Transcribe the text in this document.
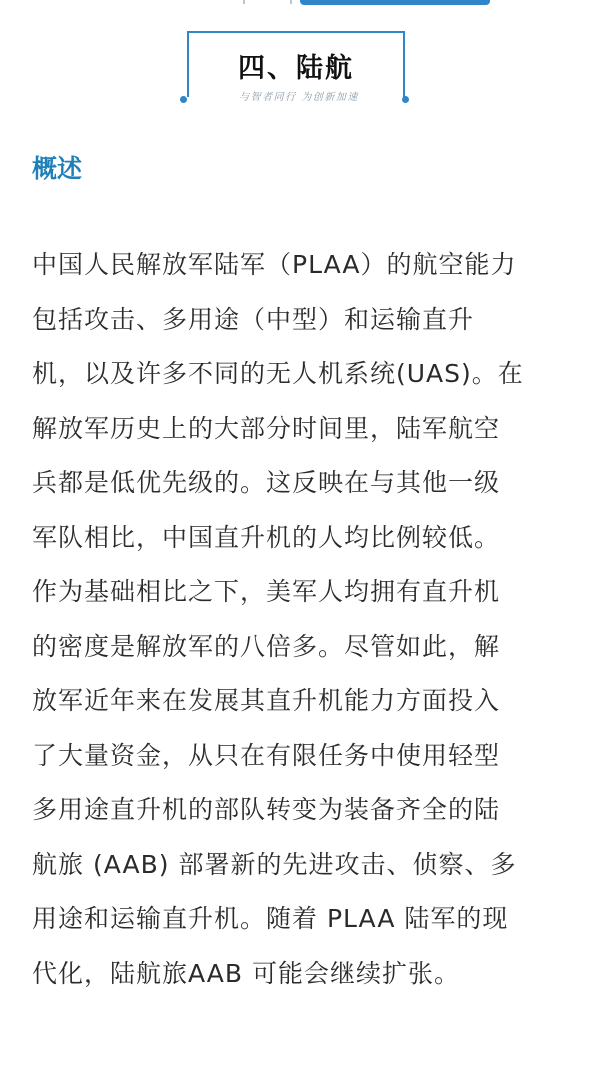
四、陆航
与智者同行 为创新加速
概述
中国人民解放军陆军（PLAA）的航空能力
包括攻击、多用途（中型）和运输直升
机，以及许多不同的无人机系统(UAS)。在
解放军历史上的大部分时间里，陆军航空
兵都是低优先级的。这反映在与其他一级
军队相比，中国直升机的人均比例较低。
作为基础相比之下，美军人均拥有直升机
的密度是解放军的八倍多。尽管如此，解
放军近年来在发展其直升机能力方面投入
了大量资金，从只在有限任务中使用轻型
多用途直升机的部队转变为装备齐全的陆
航旅 (AAB) 部署新的先进攻击、侦察、多
用途和运输直升机。随着 PLAA 陆军的现
代化，陆航旅AAB 可能会继续扩张。
